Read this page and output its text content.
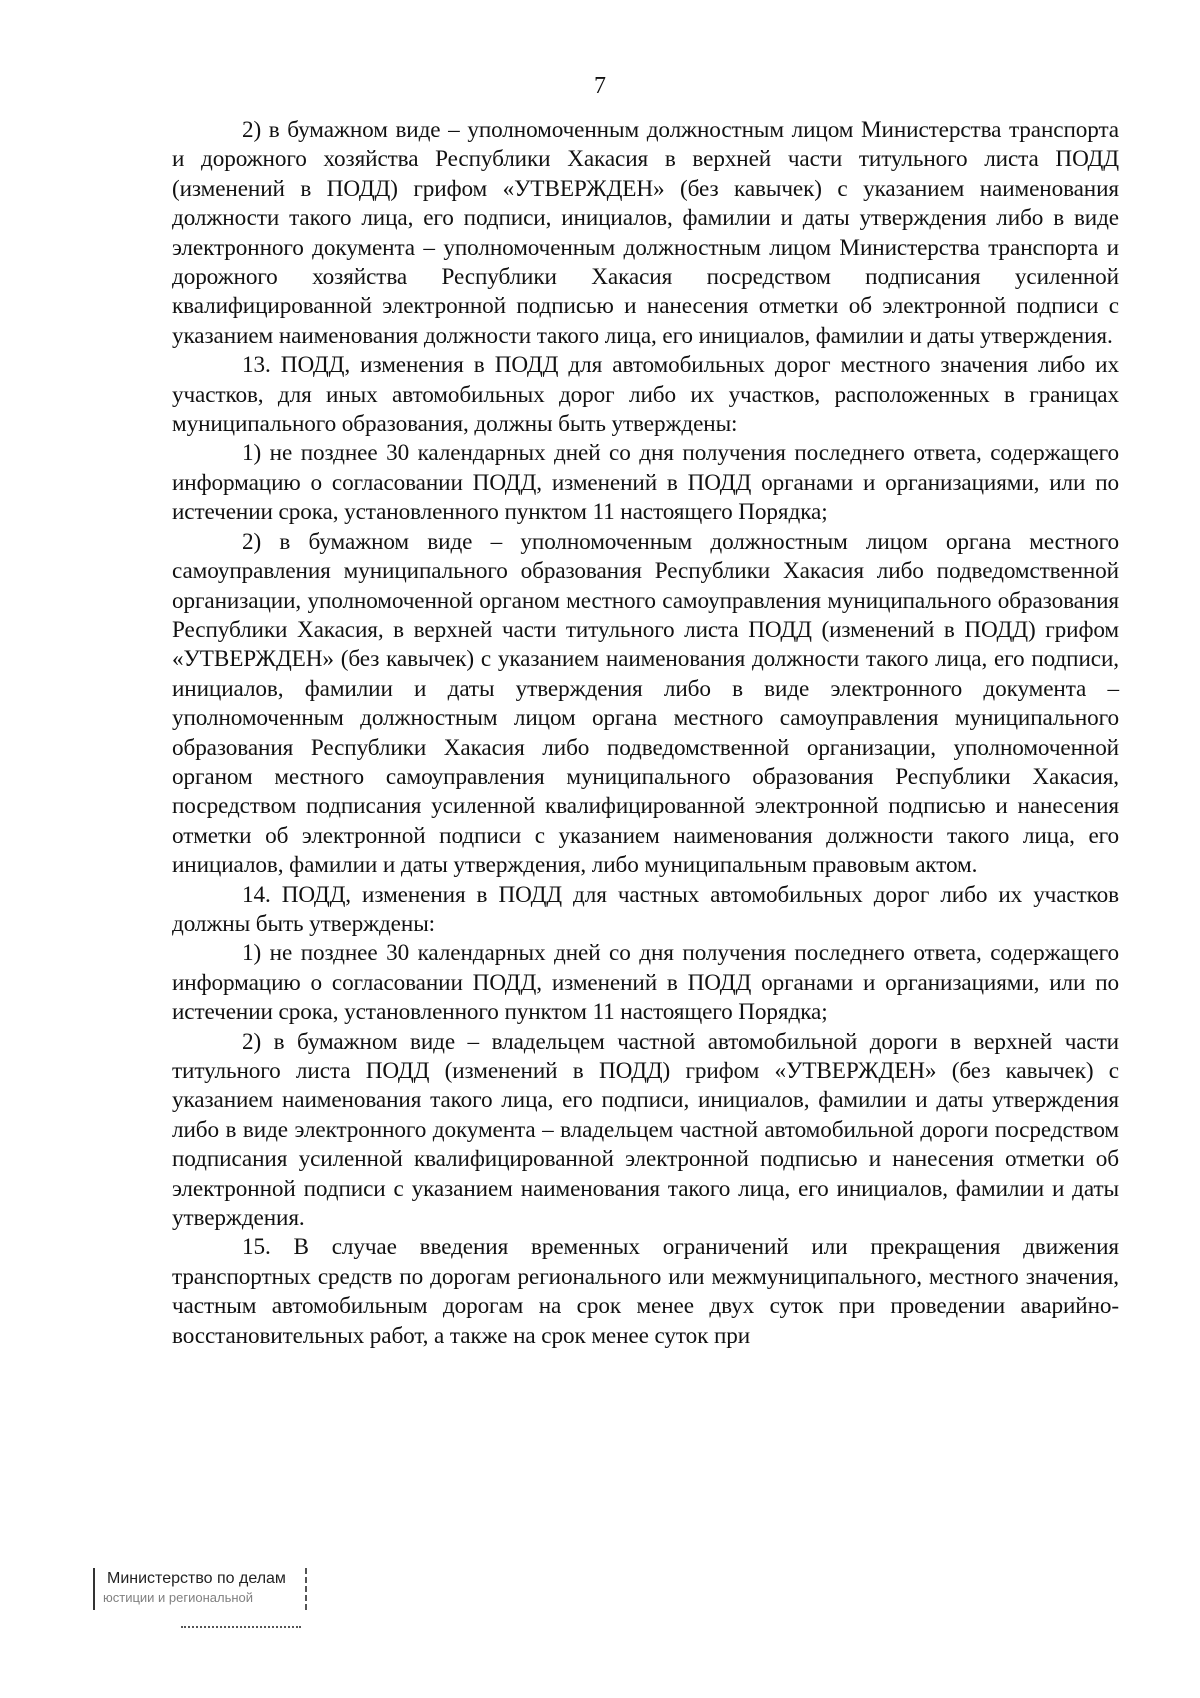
7

2) в бумажном виде – уполномоченным должностным лицом Министерства транспорта и дорожного хозяйства Республики Хакасия в верхней части титульного листа ПОДД (изменений в ПОДД) грифом «УТВЕРЖДЕН» (без кавычек) с указанием наименования должности такого лица, его подписи, инициалов, фамилии и даты утверждения либо в виде электронного документа – уполномоченным должностным лицом Министерства транспорта и дорожного хозяйства Республики Хакасия посредством подписания усиленной квалифицированной электронной подписью и нанесения отметки об электронной подписи с указанием наименования должности такого лица, его инициалов, фамилии и даты утверждения.

13. ПОДД, изменения в ПОДД для автомобильных дорог местного значения либо их участков, для иных автомобильных дорог либо их участков, расположенных в границах муниципального образования, должны быть утверждены:

1) не позднее 30 календарных дней со дня получения последнего ответа, содержащего информацию о согласовании ПОДД, изменений в ПОДД органами и организациями, или по истечении срока, установленного пунктом 11 настоящего Порядка;

2) в бумажном виде – уполномоченным должностным лицом органа местного самоуправления муниципального образования Республики Хакасия либо подведомственной организации, уполномоченной органом местного самоуправления муниципального образования Республики Хакасия, в верхней части титульного листа ПОДД (изменений в ПОДД) грифом «УТВЕРЖДЕН» (без кавычек) с указанием наименования должности такого лица, его подписи, инициалов, фамилии и даты утверждения либо в виде электронного документа – уполномоченным должностным лицом органа местного самоуправления муниципального образования Республики Хакасия либо подведомственной организации, уполномоченной органом местного самоуправления муниципального образования Республики Хакасия, посредством подписания усиленной квалифицированной электронной подписью и нанесения отметки об электронной подписи с указанием наименования должности такого лица, его инициалов, фамилии и даты утверждения, либо муниципальным правовым актом.

14. ПОДД, изменения в ПОДД для частных автомобильных дорог либо их участков должны быть утверждены:

1) не позднее 30 календарных дней со дня получения последнего ответа, содержащего информацию о согласовании ПОДД, изменений в ПОДД органами и организациями, или по истечении срока, установленного пунктом 11 настоящего Порядка;

2) в бумажном виде – владельцем частной автомобильной дороги в верхней части титульного листа ПОДД (изменений в ПОДД) грифом «УТВЕРЖДЕН» (без кавычек) с указанием наименования такого лица, его подписи, инициалов, фамилии и даты утверждения либо в виде электронного документа – владельцем частной автомобильной дороги посредством подписания усиленной квалифицированной электронной подписью и нанесения отметки об электронной подписи с указанием наименования такого лица, его инициалов, фамилии и даты утверждения.

15. В случае введения временных ограничений или прекращения движения транспортных средств по дорогам регионального или межмуниципального, местного значения, частным автомобильным дорогам на срок менее двух суток при проведении аварийно-восстановительных работ, а также на срок менее суток при

Министерство по делам
юстиции и региональной
